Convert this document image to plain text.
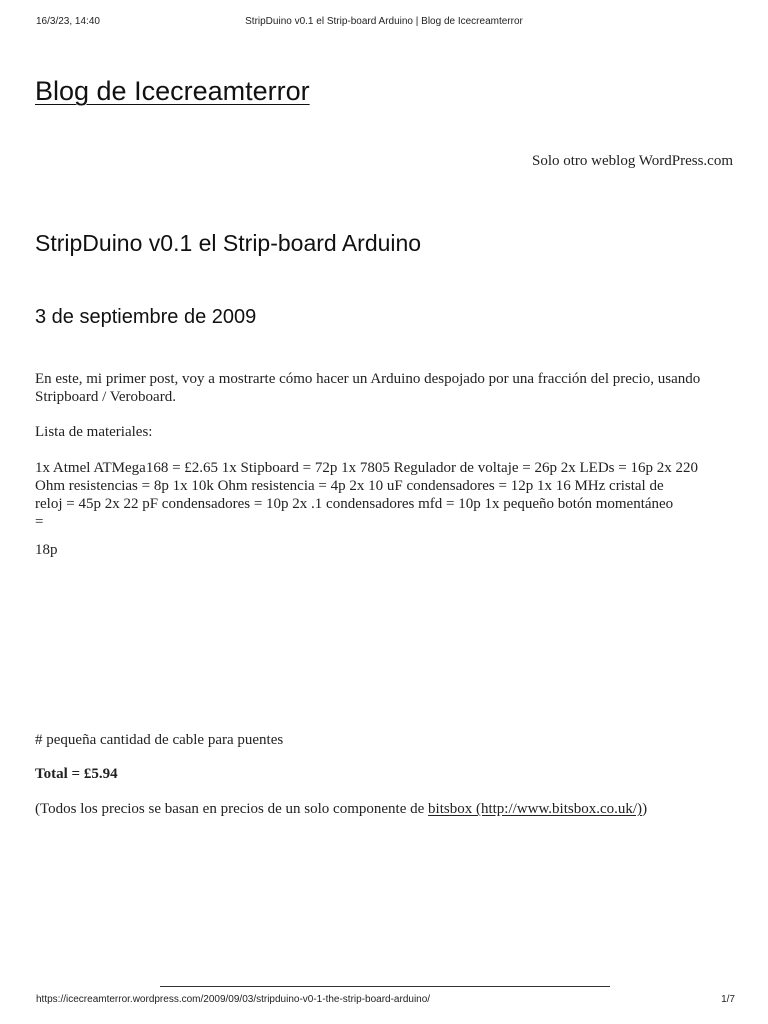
16/3/23, 14:40	StripDuino v0.1 el Strip-board Arduino | Blog de Icecreamterror
Blog de Icecreamterror
Solo otro weblog WordPress.com
StripDuino v0.1 el Strip-board Arduino
3 de septiembre de 2009

En este, mi primer post, voy a mostrarte cómo hacer un Arduino despojado por una fracción del precio, usando Stripboard / Veroboard.

Lista de materiales:

1x Atmel ATMega168 = £2.65 1x Stipboard = 72p 1x 7805 Regulador de voltaje = 26p 2x LEDs = 16p 2x 220
Ohm resistencias = 8p 1x 10k Ohm resistencia = 4p 2x 10 uF condensadores = 12p 1x 16 MHz cristal de
reloj = 45p 2x 22 pF condensadores = 10p 2x .1 condensadores mfd = 10p 1x pequeño botón momentáneo
=

18p

# pequeña cantidad de cable para puentes

Total = £5.94

(Todos los precios se basan en precios de un solo componente de bitsbox (http://www.bitsbox.co.uk/))

https://icecreamterror.wordpress.com/2009/09/03/stripduino-v0-1-the-strip-board-arduino/	1/7
